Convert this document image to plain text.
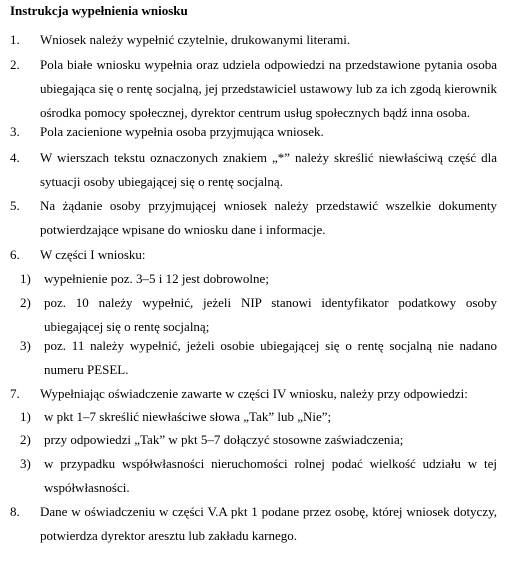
Instrukcja wypełnienia wniosku
1. Wniosek należy wypełnić czytelnie, drukowanymi literami.
2. Pola białe wniosku wypełnia oraz udziela odpowiedzi na przedstawione pytania osoba ubiegająca się o rentę socjalną, jej przedstawiciel ustawowy lub za ich zgodą kierownik ośrodka pomocy społecznej, dyrektor centrum usług społecznych bądź inna osoba.
3. Pola zacienione wypełnia osoba przyjmująca wniosek.
4. W wierszach tekstu oznaczonych znakiem „*” należy skreślić niewłaściwą część dla sytuacji osoby ubiegającej się o rentę socjalną.
5. Na żądanie osoby przyjmującej wniosek należy przedstawić wszelkie dokumenty potwierdzające wpisane do wniosku dane i informacje.
6. W części I wniosku:
1) wypełnienie poz. 3–5 i 12 jest dobrowolne;
2) poz. 10 należy wypełnić, jeżeli NIP stanowi identyfikator podatkowy osoby ubiegającej się o rentę socjalną;
3) poz. 11 należy wypełnić, jeżeli osobie ubiegającej się o rentę socjalną nie nadano numeru PESEL.
7. Wypełniając oświadczenie zawarte w części IV wniosku, należy przy odpowiedzi:
1) w pkt 1–7 skreślić niewłaściwe słowa „Tak” lub „Nie”;
2) przy odpowiedzi „Tak” w pkt 5–7 dołączyć stosowne zaświadczenia;
3) w przypadku współwłasności nieruchomości rolnej podać wielkość udziału w tej współwłasności.
8. Dane w oświadczeniu w części V.A pkt 1 podane przez osobę, której wniosek dotyczy, potwierdza dyrektor aresztu lub zakładu karnego.
